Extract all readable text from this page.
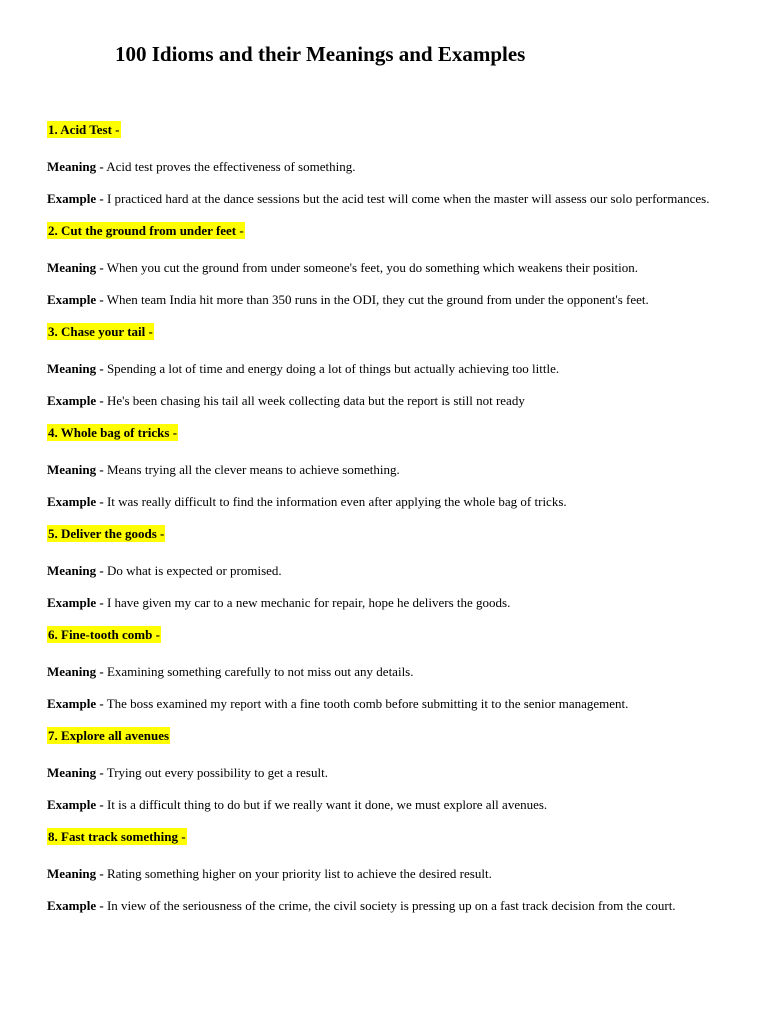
100 Idioms and their Meanings and Examples
1. Acid Test -

Meaning - Acid test proves the effectiveness of something.

Example - I practiced hard at the dance sessions but the acid test will come when the master will assess our solo performances.

2. Cut the ground from under feet -

Meaning - When you cut the ground from under someone's feet, you do something which weakens their position.

Example - When team India hit more than 350 runs in the ODI, they cut the ground from under the opponent's feet.

3. Chase your tail -

Meaning - Spending a lot of time and energy doing a lot of things but actually achieving too little.

Example - He's been chasing his tail all week collecting data but the report is still not ready

4. Whole bag of tricks -

Meaning - Means trying all the clever means to achieve something.

Example - It was really difficult to find the information even after applying the whole bag of tricks.

5. Deliver the goods -

Meaning - Do what is expected or promised.

Example - I have given my car to a new mechanic for repair, hope he delivers the goods.

6. Fine-tooth comb -

Meaning - Examining something carefully to not miss out any details.

Example - The boss examined my report with a fine tooth comb before submitting it to the senior management.

7. Explore all avenues

Meaning - Trying out every possibility to get a result.

Example - It is a difficult thing to do but if we really want it done, we must explore all avenues.

8. Fast track something -

Meaning - Rating something higher on your priority list to achieve the desired result.

Example - In view of the seriousness of the crime, the civil society is pressing up on a fast track decision from the court.
